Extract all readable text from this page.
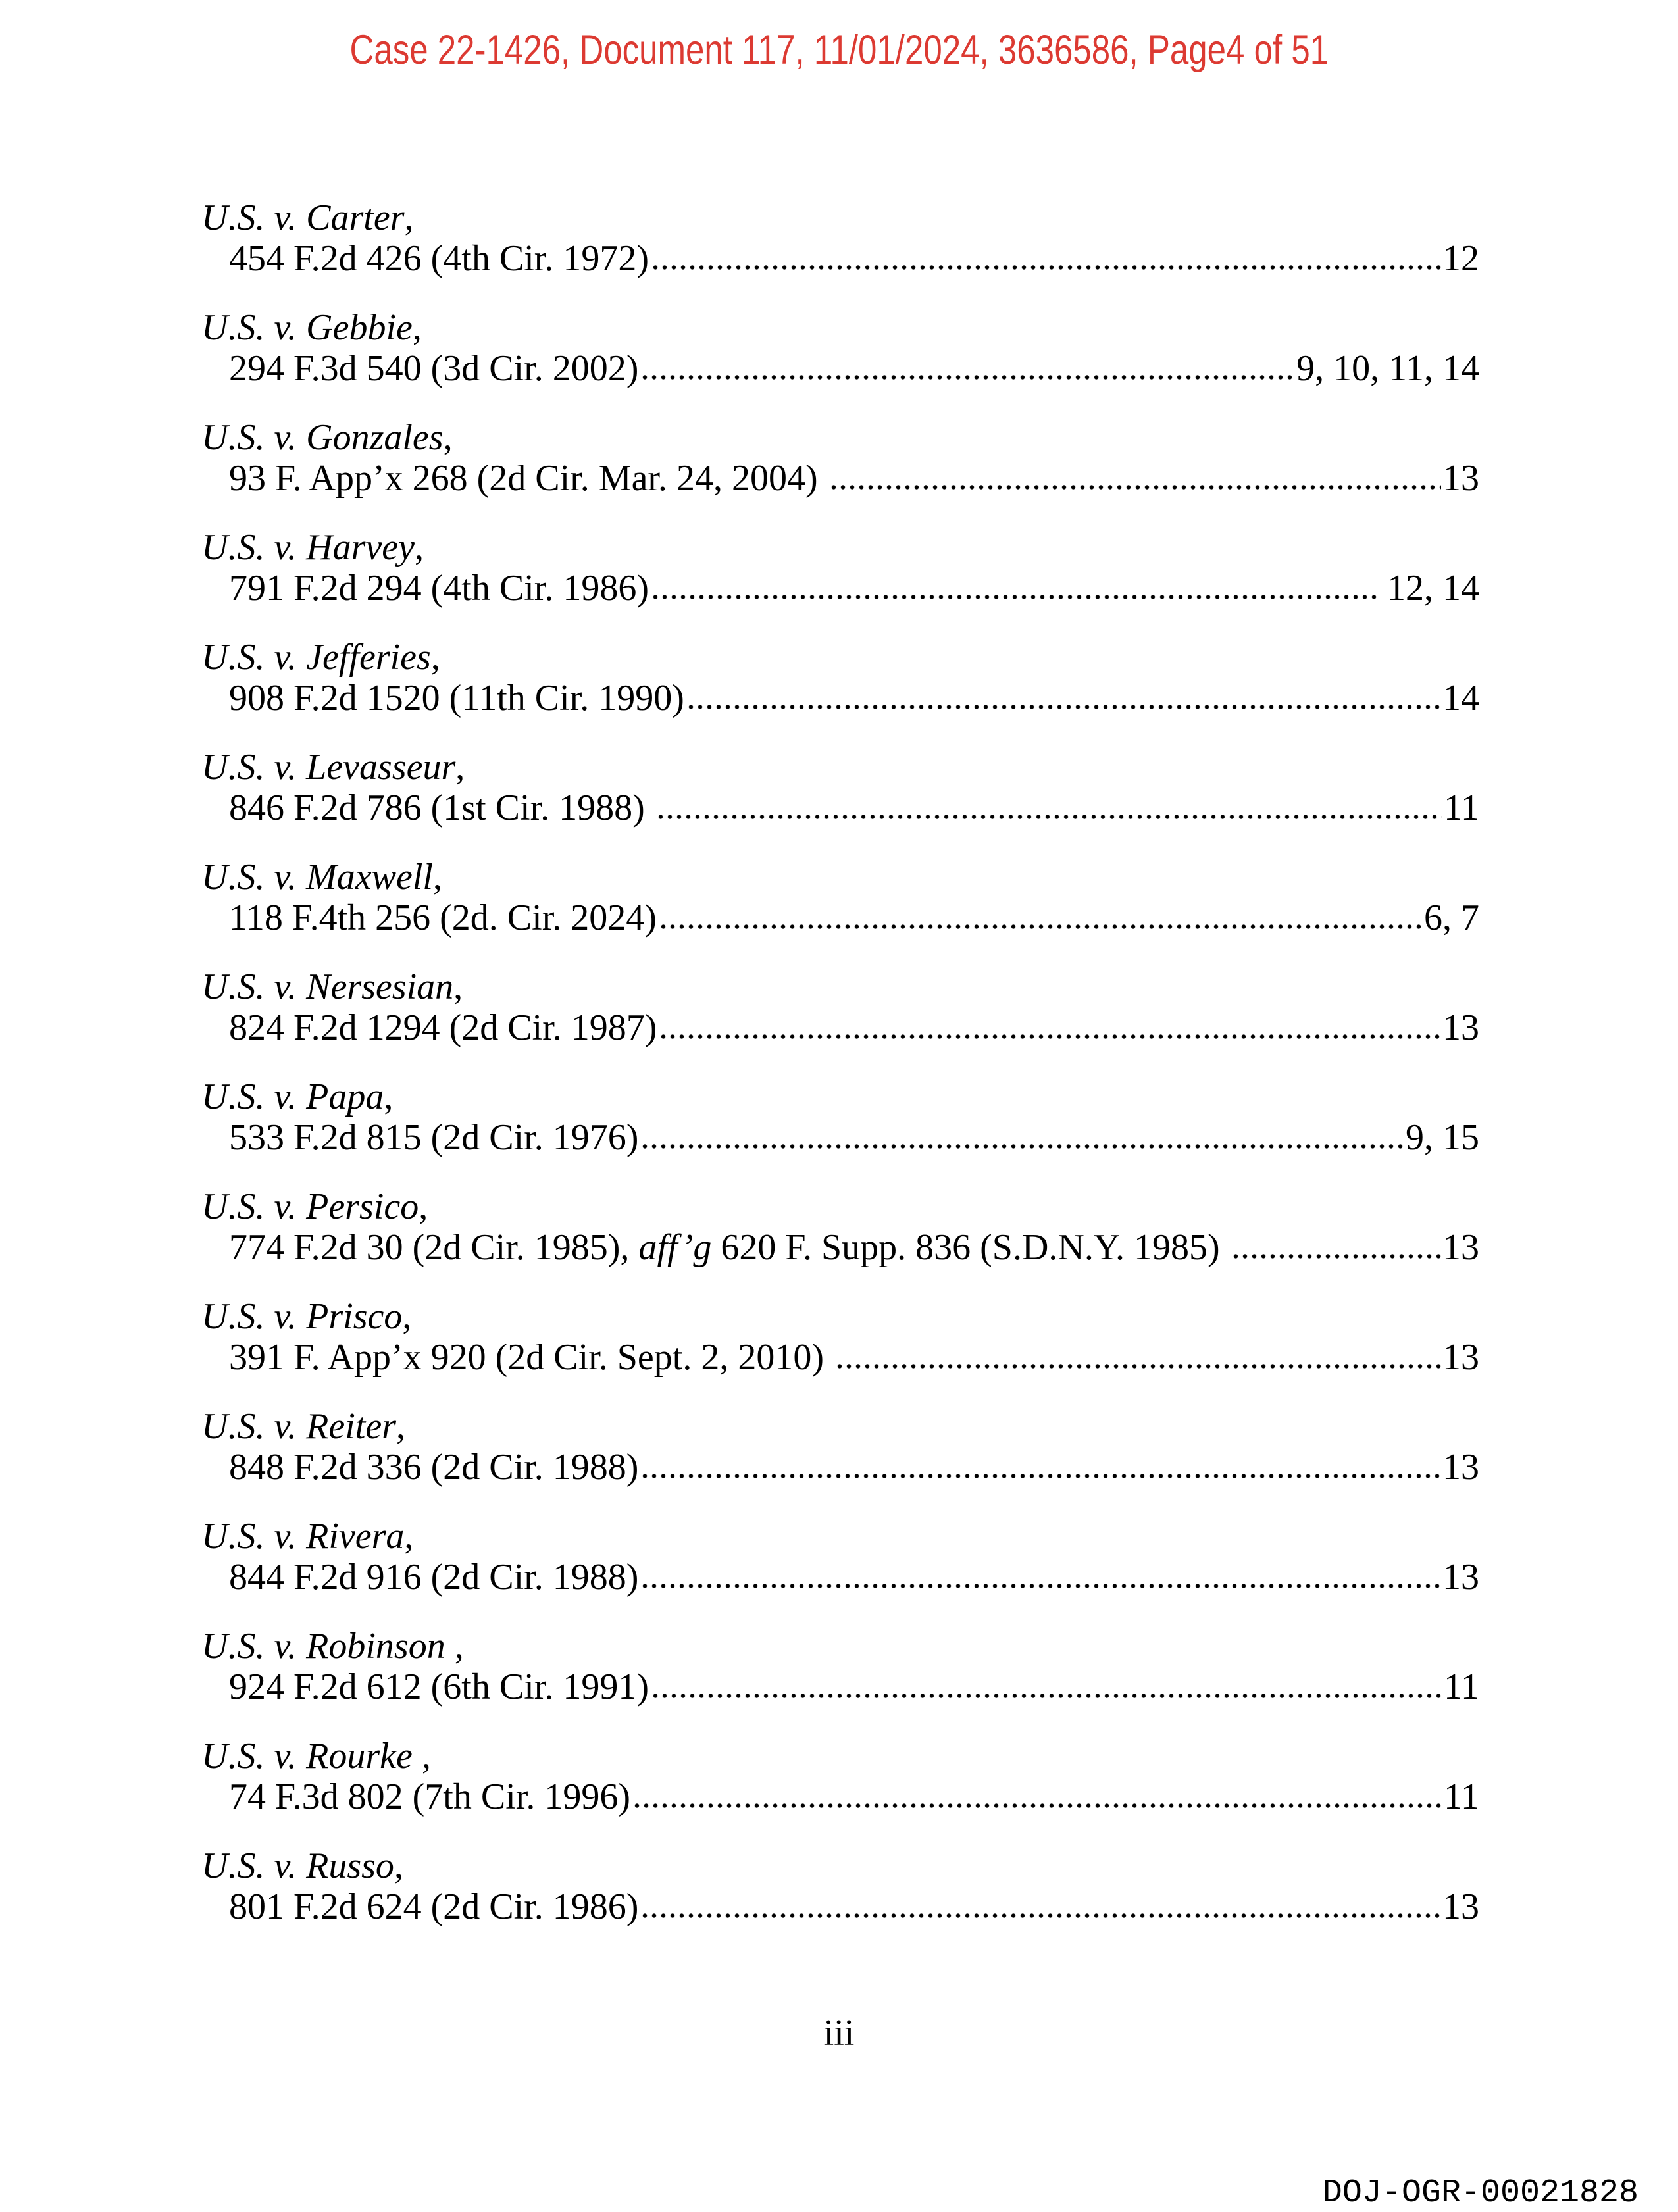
Case 22-1426, Document 117, 11/01/2024, 3636586, Page4 of 51
U.S. v. Carter,
454 F.2d 426 (4th Cir. 1972)	12
U.S. v. Gebbie,
294 F.3d 540 (3d Cir. 2002)	9, 10, 11, 14
U.S. v. Gonzales,
93 F. App’x 268 (2d Cir. Mar. 24, 2004)	13
U.S. v. Harvey,
791 F.2d 294 (4th Cir. 1986)	12, 14
U.S. v. Jefferies,
908 F.2d 1520 (11th Cir. 1990)	14
U.S. v. Levasseur,
846 F.2d 786 (1st Cir. 1988)	11
U.S. v. Maxwell,
118 F.4th 256 (2d. Cir. 2024)	6, 7
U.S. v. Nersesian,
824 F.2d 1294 (2d Cir. 1987)	13
U.S. v. Papa,
533 F.2d 815 (2d Cir. 1976)	9, 15
U.S. v. Persico,
774 F.2d 30 (2d Cir. 1985), aff’g 620 F. Supp. 836 (S.D.N.Y. 1985)	13
U.S. v. Prisco,
391 F. App’x 920 (2d Cir. Sept. 2, 2010)	13
U.S. v. Reiter,
848 F.2d 336 (2d Cir. 1988)	13
U.S. v. Rivera,
844 F.2d 916 (2d Cir. 1988)	13
U.S. v. Robinson ,
924 F.2d 612 (6th Cir. 1991)	11
U.S. v. Rourke ,
74 F.3d 802 (7th Cir. 1996)	11
U.S. v. Russo,
801 F.2d 624 (2d Cir. 1986)	13
iii
DOJ-OGR-00021828
